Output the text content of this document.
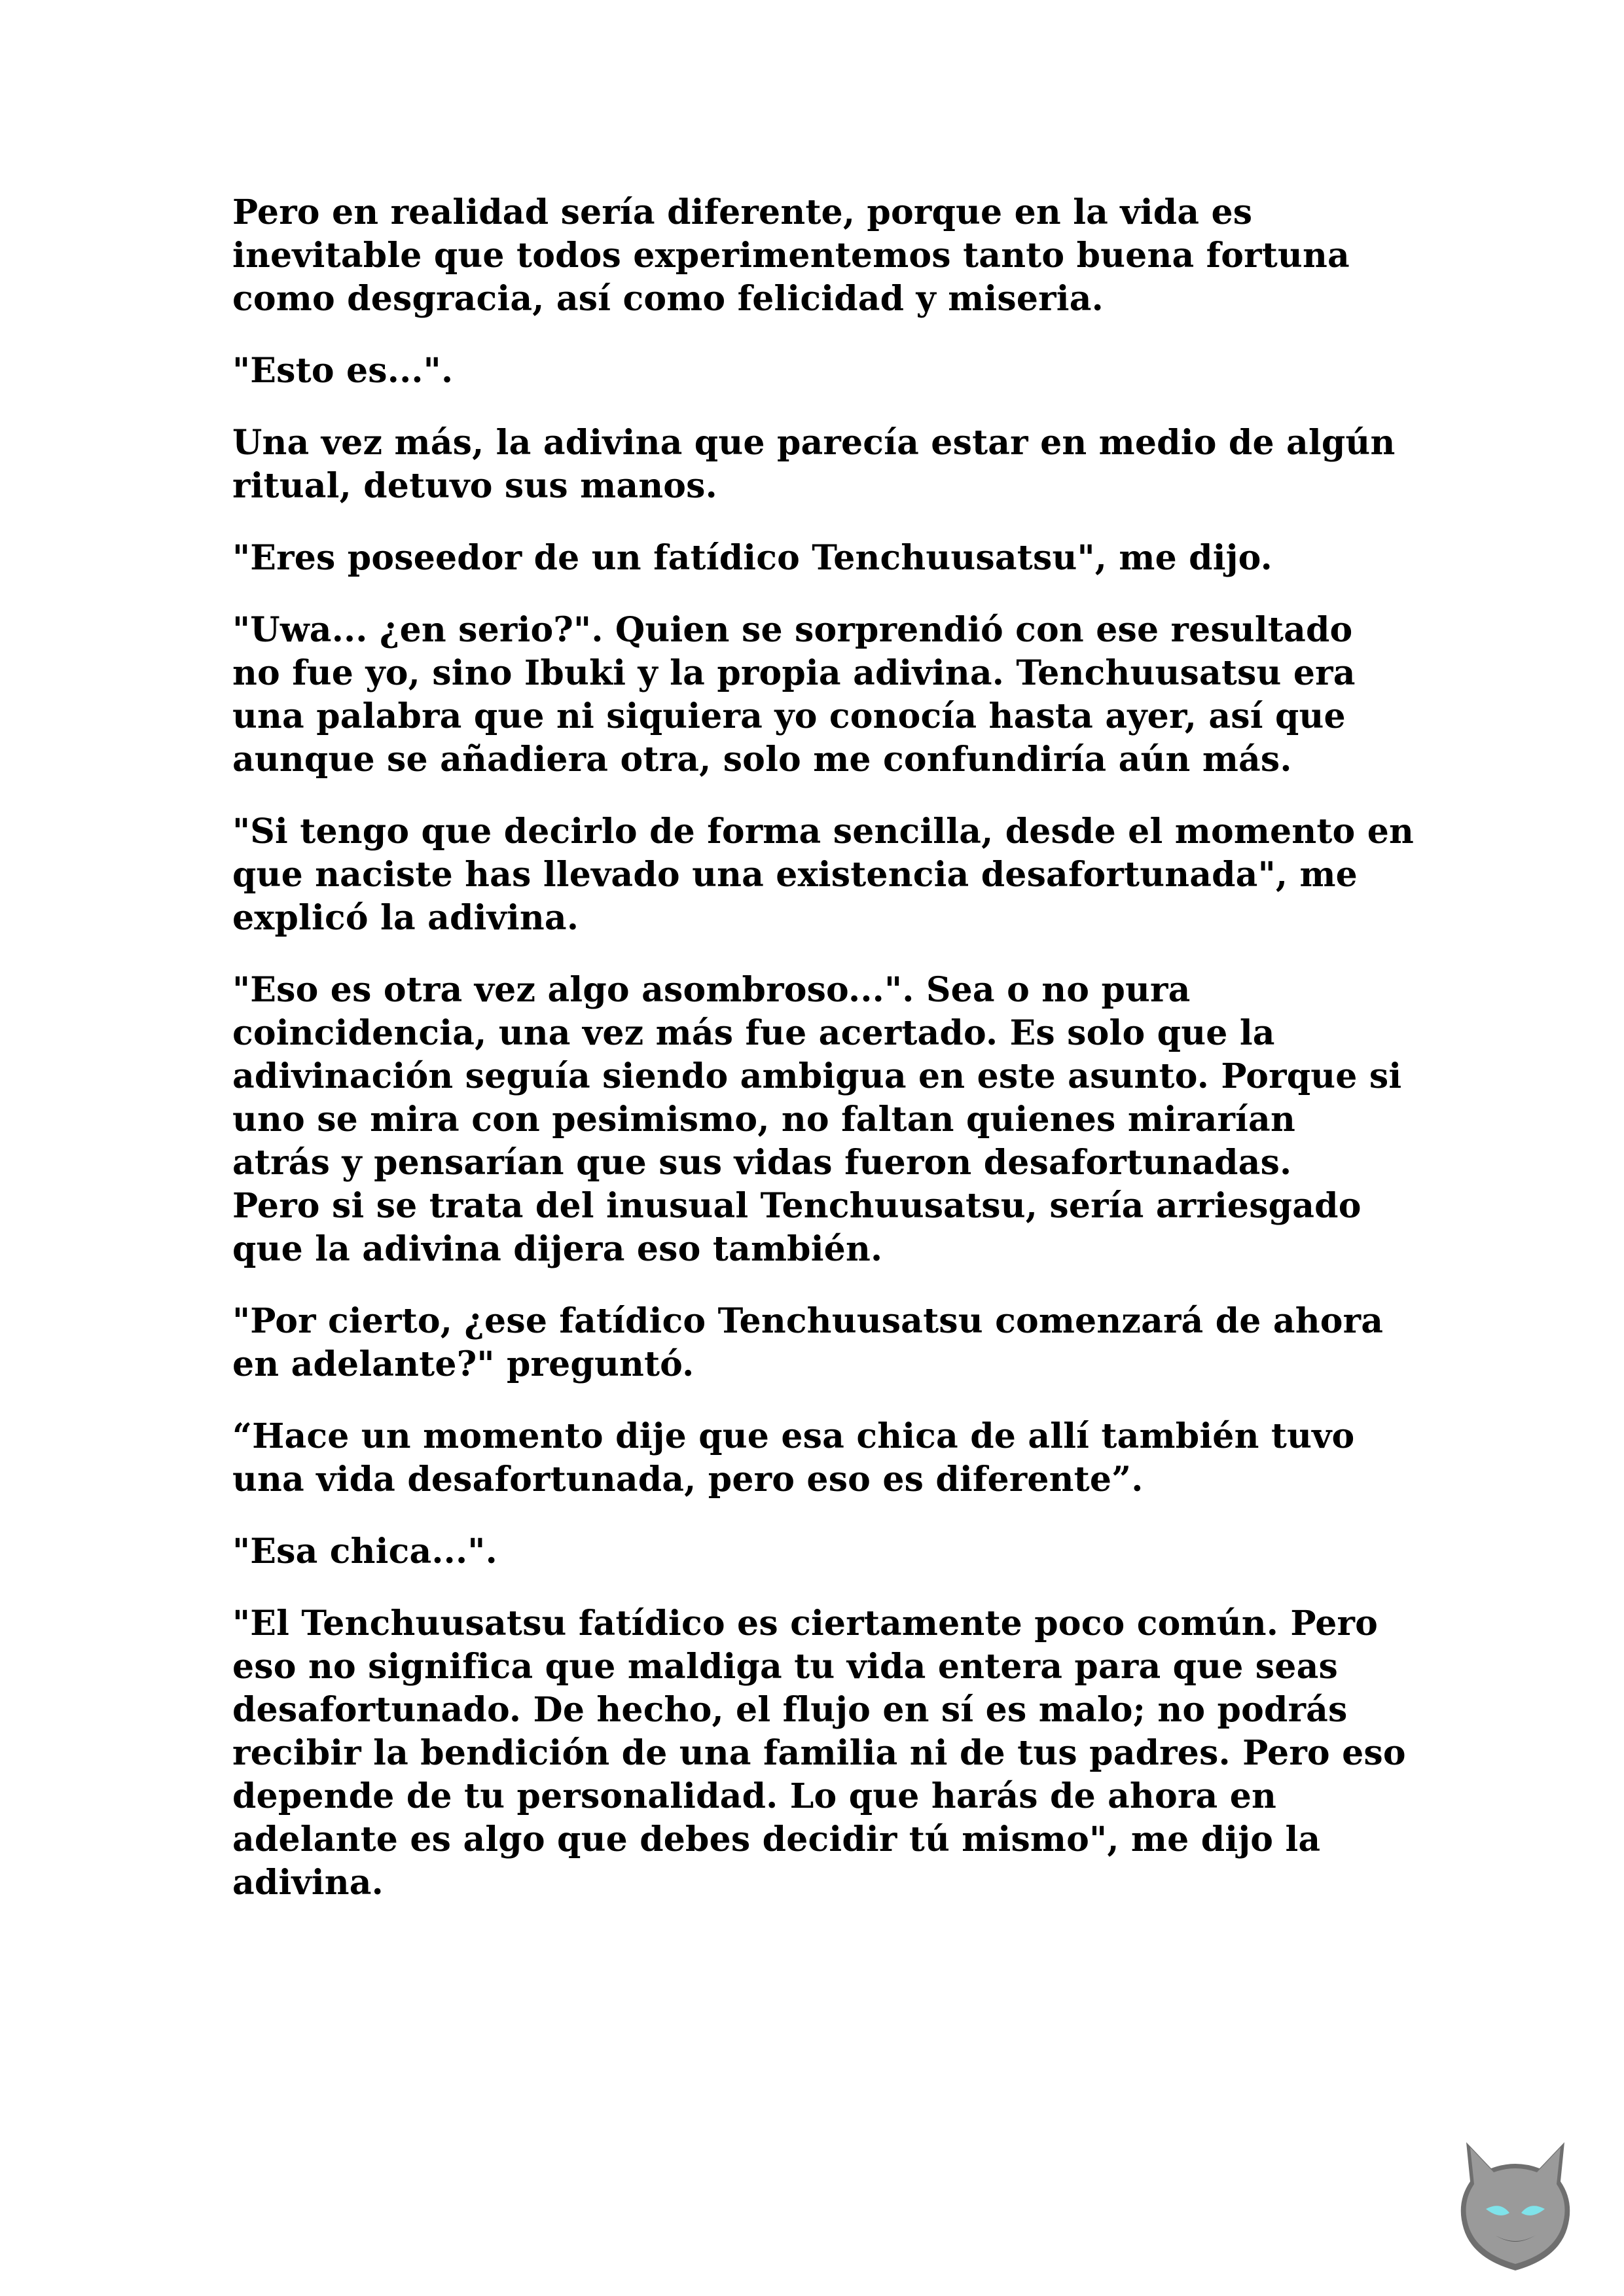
Pero en realidad sería diferente, porque en la vida es
inevitable que todos experimentemos tanto buena fortuna
como desgracia, así como felicidad y miseria.

"Esto es...".

Una vez más, la adivina que parecía estar en medio de algún
ritual, detuvo sus manos.

"Eres poseedor de un fatídico Tenchuusatsu", me dijo.

"Uwa... ¿en serio?". Quien se sorprendió con ese resultado
no fue yo, sino Ibuki y la propia adivina. Tenchuusatsu era
una palabra que ni siquiera yo conocía hasta ayer, así que
aunque se añadiera otra, solo me confundiría aún más.

"Si tengo que decirlo de forma sencilla, desde el momento en
que naciste has llevado una existencia desafortunada", me
explicó la adivina.

"Eso es otra vez algo asombroso...". Sea o no pura
coincidencia, una vez más fue acertado. Es solo que la
adivinación seguía siendo ambigua en este asunto. Porque si
uno se mira con pesimismo, no faltan quienes mirarían
atrás y pensarían que sus vidas fueron desafortunadas.
Pero si se trata del inusual Tenchuusatsu, sería arriesgado
que la adivina dijera eso también.

"Por cierto, ¿ese fatídico Tenchuusatsu comenzará de ahora
en adelante?" preguntó.

“Hace un momento dije que esa chica de allí también tuvo
una vida desafortunada, pero eso es diferente”.

"Esa chica...".

"El Tenchuusatsu fatídico es ciertamente poco común. Pero
eso no significa que maldiga tu vida entera para que seas
desafortunado. De hecho, el flujo en sí es malo; no podrás
recibir la bendición de una familia ni de tus padres. Pero eso
depende de tu personalidad. Lo que harás de ahora en
adelante es algo que debes decidir tú mismo", me dijo la
adivina.
